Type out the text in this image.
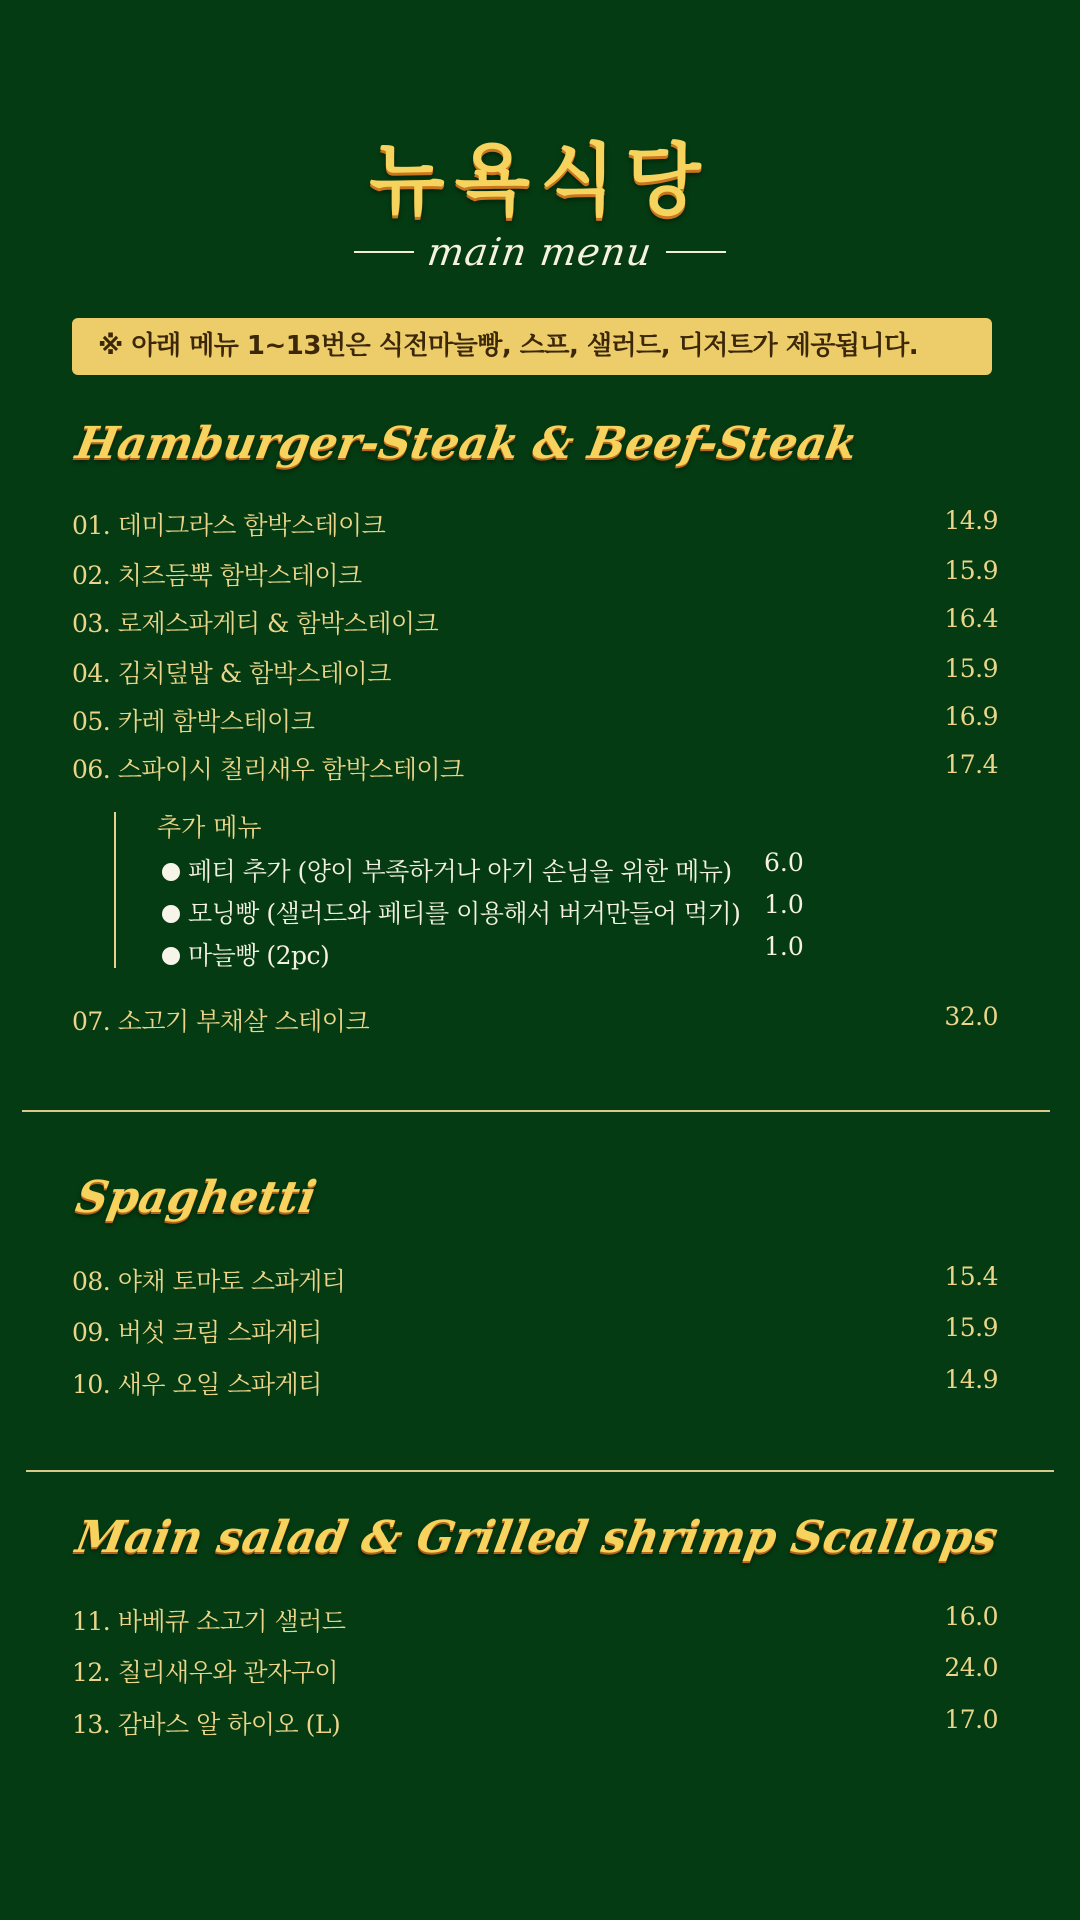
뉴욕식당
main menu
※ 아래 메뉴 1~13번은 식전마늘빵, 스프, 샐러드, 디저트가 제공됩니다.
Hamburger-Steak & Beef-Steak
01. 데미그라스 함박스테이크	14.9
02. 치즈듬뿍 함박스테이크	15.9
03. 로제스파게티 & 함박스테이크	16.4
04. 김치덮밥 & 함박스테이크	15.9
05. 카레 함박스테이크	16.9
06. 스파이시 칠리새우 함박스테이크	17.4
추가 메뉴
페티 추가 (양이 부족하거나 아기 손님을 위한 메뉴) 6.0
모닝빵 (샐러드와 페티를 이용해서 버거만들어 먹기) 1.0
마늘빵 (2pc)	1.0
07. 소고기 부채살 스테이크	32.0
Spaghetti
08. 야채 토마토 스파게티	15.4
09. 버섯 크림 스파게티	15.9
10. 새우 오일 스파게티	14.9
Main salad & Grilled shrimp Scallops
11. 바베큐 소고기 샐러드	16.0
12. 칠리새우와 관자구이	24.0
13. 감바스 알 하이오 (L)	17.0
